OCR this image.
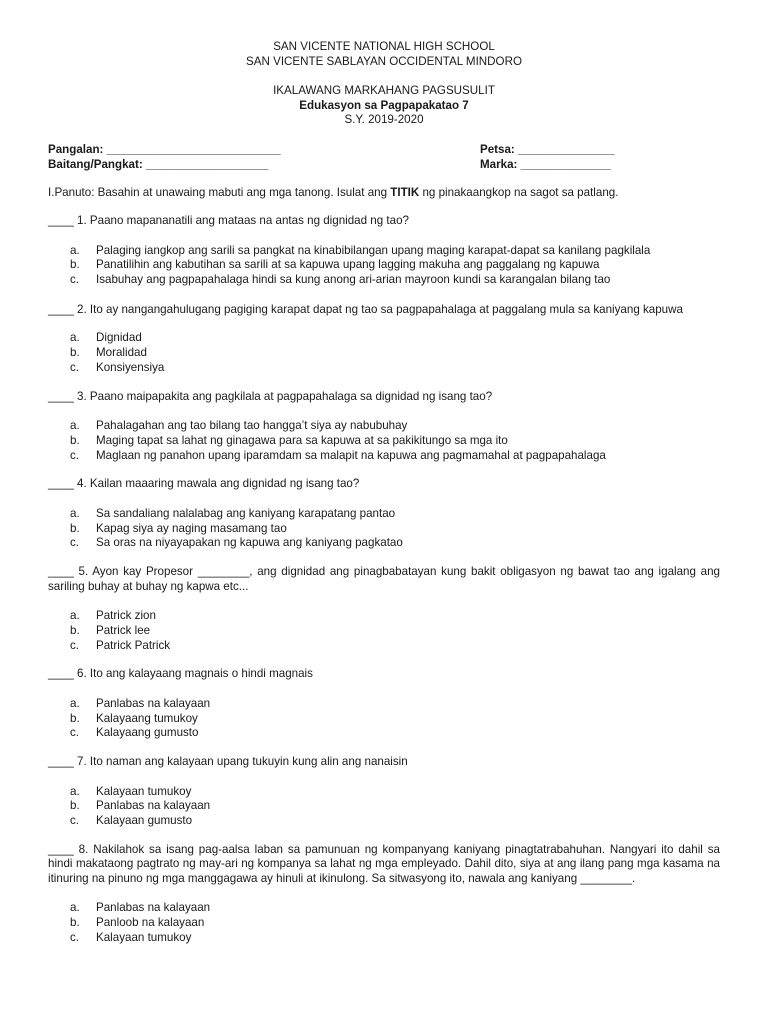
SAN VICENTE NATIONAL HIGH SCHOOL
SAN VICENTE SABLAYAN OCCIDENTAL MINDORO
IKALAWANG MARKAHANG PAGSUSULIT
Edukasyon sa Pagpapakatao 7
S.Y. 2019-2020
Pangalan: ___________________________
Baitang/Pangkat: ___________________
Petsa: _______________
Marka: ______________
I.Panuto: Basahin at unawaing mabuti ang mga tanong. Isulat ang TITIK ng pinakaangkop na sagot sa patlang.
____ 1. Paano mapananatili ang mataas na antas ng dignidad ng tao?
a. Palaging iangkop ang sarili sa pangkat na kinabibilangan upang maging karapat-dapat sa kanilang pagkilala
b. Panatilihin ang kabutihan sa sarili at sa kapuwa upang lagging makuha ang paggalang ng kapuwa
c. Isabuhay ang pagpapahalaga hindi sa kung anong ari-arian mayroon kundi sa karangalan bilang tao
____ 2. Ito ay nangangahulugang pagiging karapat dapat ng tao sa pagpapahalaga at paggalang mula sa kaniyang kapuwa
a. Dignidad
b. Moralidad
c. Konsiyensiya
____ 3. Paano maipapakita ang pagkilala at pagpapahalaga sa dignidad ng isang tao?
a. Pahalagahan ang tao bilang tao hangga’t siya ay nabubuhay
b. Maging tapat sa lahat ng ginagawa para sa kapuwa at sa pakikitungo sa mga ito
c. Maglaan ng panahon upang iparamdam sa malapit na kapuwa ang pagmamahal at pagpapahalaga
____ 4. Kailan maaaring mawala ang dignidad ng isang tao?
a. Sa sandaliang nalalabag ang kaniyang karapatang pantao
b. Kapag siya ay naging masamang tao
c. Sa oras na niyayapakan ng kapuwa ang kaniyang pagkatao
____ 5. Ayon kay Propesor ________, ang dignidad ang pinagbabatayan kung bakit obligasyon ng bawat tao ang igalang ang sariling buhay at buhay ng kapwa etc...
a. Patrick zion
b. Patrick lee
c. Patrick Patrick
____ 6. Ito ang kalayaang magnais o hindi magnais
a. Panlabas na kalayaan
b. Kalayaang tumukoy
c. Kalayaang gumusto
____ 7. Ito naman ang kalayaan upang tukuyin kung alin ang nanaisin
a. Kalayaan tumukoy
b. Panlabas na kalayaan
c. Kalayaan gumusto
____ 8. Nakilahok sa isang pag-aalsa laban sa pamunuan ng kompanyang kaniyang pinagtatrabahuhan. Nangyari ito dahil sa hindi makataong pagtrato ng may-ari ng kompanya sa lahat ng mga empleyado. Dahil dito, siya at ang ilang pang mga kasama na itinuring na pinuno ng mga manggagawa ay hinuli at ikinulong. Sa sitwasyong ito, nawala ang kaniyang ________.
a. Panlabas na kalayaan
b. Panloob na kalayaan
c. Kalayaan tumukoy
